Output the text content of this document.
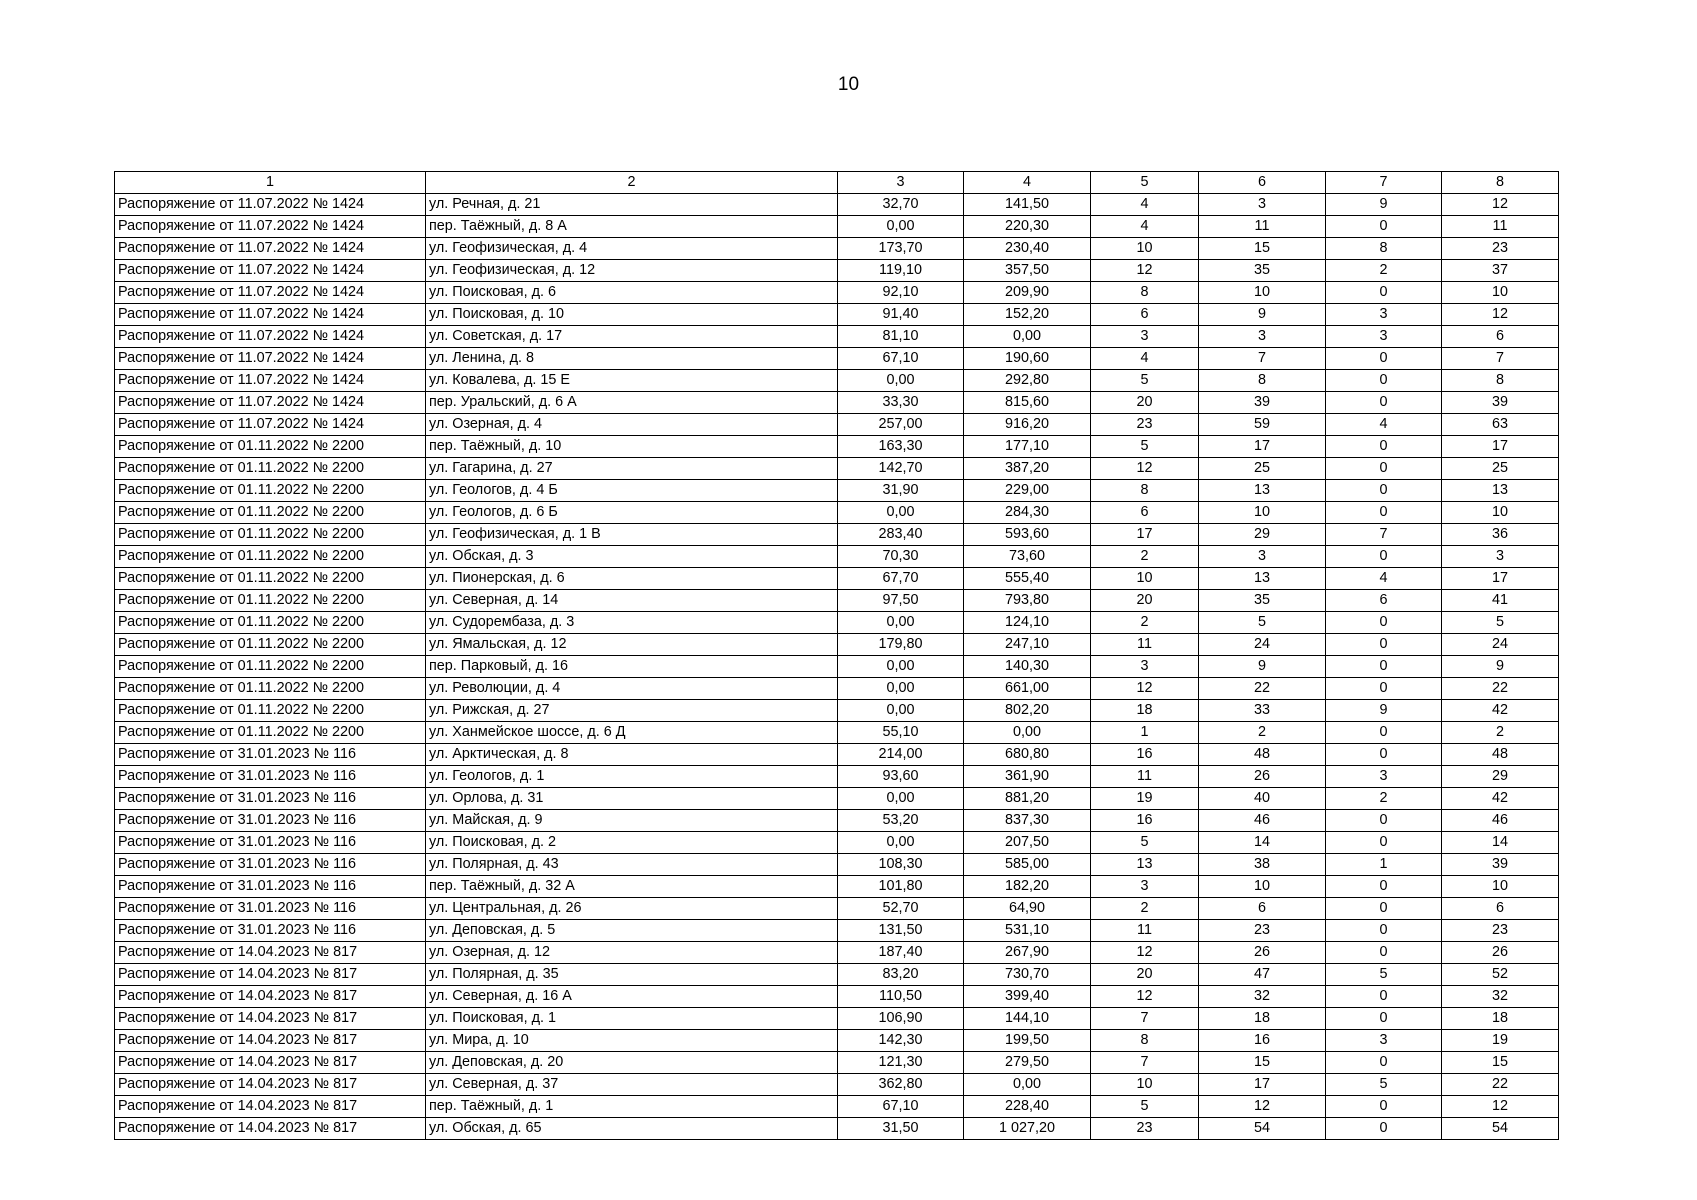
10
1	2	3	4	5	6	7	8
Распоряжение от 11.07.2022 № 1424	ул. Речная, д. 21	32,70	141,50	4	3	9	12
Распоряжение от 11.07.2022 № 1424	пер. Таёжный, д. 8 А	0,00	220,30	4	11	0	11
Распоряжение от 11.07.2022 № 1424	ул. Геофизическая, д. 4	173,70	230,40	10	15	8	23
Распоряжение от 11.07.2022 № 1424	ул. Геофизическая, д. 12	119,10	357,50	12	35	2	37
Распоряжение от 11.07.2022 № 1424	ул. Поисковая, д. 6	92,10	209,90	8	10	0	10
Распоряжение от 11.07.2022 № 1424	ул. Поисковая, д. 10	91,40	152,20	6	9	3	12
Распоряжение от 11.07.2022 № 1424	ул. Советская, д. 17	81,10	0,00	3	3	3	6
Распоряжение от 11.07.2022 № 1424	ул. Ленина, д. 8	67,10	190,60	4	7	0	7
Распоряжение от 11.07.2022 № 1424	ул. Ковалева, д. 15 Е	0,00	292,80	5	8	0	8
Распоряжение от 11.07.2022 № 1424	пер. Уральский, д. 6 А	33,30	815,60	20	39	0	39
Распоряжение от 11.07.2022 № 1424	ул. Озерная, д. 4	257,00	916,20	23	59	4	63
Распоряжение от 01.11.2022 № 2200	пер. Таёжный, д. 10	163,30	177,10	5	17	0	17
Распоряжение от 01.11.2022 № 2200	ул. Гагарина, д. 27	142,70	387,20	12	25	0	25
Распоряжение от 01.11.2022 № 2200	ул. Геологов, д. 4 Б	31,90	229,00	8	13	0	13
Распоряжение от 01.11.2022 № 2200	ул. Геологов, д. 6 Б	0,00	284,30	6	10	0	10
Распоряжение от 01.11.2022 № 2200	ул. Геофизическая, д. 1 В	283,40	593,60	17	29	7	36
Распоряжение от 01.11.2022 № 2200	ул. Обская, д. 3	70,30	73,60	2	3	0	3
Распоряжение от 01.11.2022 № 2200	ул. Пионерская, д. 6	67,70	555,40	10	13	4	17
Распоряжение от 01.11.2022 № 2200	ул. Северная, д. 14	97,50	793,80	20	35	6	41
Распоряжение от 01.11.2022 № 2200	ул. Судорембаза, д. 3	0,00	124,10	2	5	0	5
Распоряжение от 01.11.2022 № 2200	ул. Ямальская, д. 12	179,80	247,10	11	24	0	24
Распоряжение от 01.11.2022 № 2200	пер. Парковый, д. 16	0,00	140,30	3	9	0	9
Распоряжение от 01.11.2022 № 2200	ул. Революции, д. 4	0,00	661,00	12	22	0	22
Распоряжение от 01.11.2022 № 2200	ул. Рижская, д. 27	0,00	802,20	18	33	9	42
Распоряжение от 01.11.2022 № 2200	ул. Ханмейское шоссе, д. 6 Д	55,10	0,00	1	2	0	2
Распоряжение от 31.01.2023 № 116	ул. Арктическая, д. 8	214,00	680,80	16	48	0	48
Распоряжение от 31.01.2023 № 116	ул. Геологов, д. 1	93,60	361,90	11	26	3	29
Распоряжение от 31.01.2023 № 116	ул. Орлова, д. 31	0,00	881,20	19	40	2	42
Распоряжение от 31.01.2023 № 116	ул. Майская, д. 9	53,20	837,30	16	46	0	46
Распоряжение от 31.01.2023 № 116	ул. Поисковая, д. 2	0,00	207,50	5	14	0	14
Распоряжение от 31.01.2023 № 116	ул. Полярная, д. 43	108,30	585,00	13	38	1	39
Распоряжение от 31.01.2023 № 116	пер. Таёжный, д. 32 А	101,80	182,20	3	10	0	10
Распоряжение от 31.01.2023 № 116	ул. Центральная, д. 26	52,70	64,90	2	6	0	6
Распоряжение от 31.01.2023 № 116	ул. Деповская, д. 5	131,50	531,10	11	23	0	23
Распоряжение от 14.04.2023 № 817	ул. Озерная, д. 12	187,40	267,90	12	26	0	26
Распоряжение от 14.04.2023 № 817	ул. Полярная, д. 35	83,20	730,70	20	47	5	52
Распоряжение от 14.04.2023 № 817	ул. Северная, д. 16 А	110,50	399,40	12	32	0	32
Распоряжение от 14.04.2023 № 817	ул. Поисковая, д. 1	106,90	144,10	7	18	0	18
Распоряжение от 14.04.2023 № 817	ул. Мира, д. 10	142,30	199,50	8	16	3	19
Распоряжение от 14.04.2023 № 817	ул. Деповская, д. 20	121,30	279,50	7	15	0	15
Распоряжение от 14.04.2023 № 817	ул. Северная, д. 37	362,80	0,00	10	17	5	22
Распоряжение от 14.04.2023 № 817	пер. Таёжный, д. 1	67,10	228,40	5	12	0	12
Распоряжение от 14.04.2023 № 817	ул. Обская, д. 65	31,50	1 027,20	23	54	0	54
